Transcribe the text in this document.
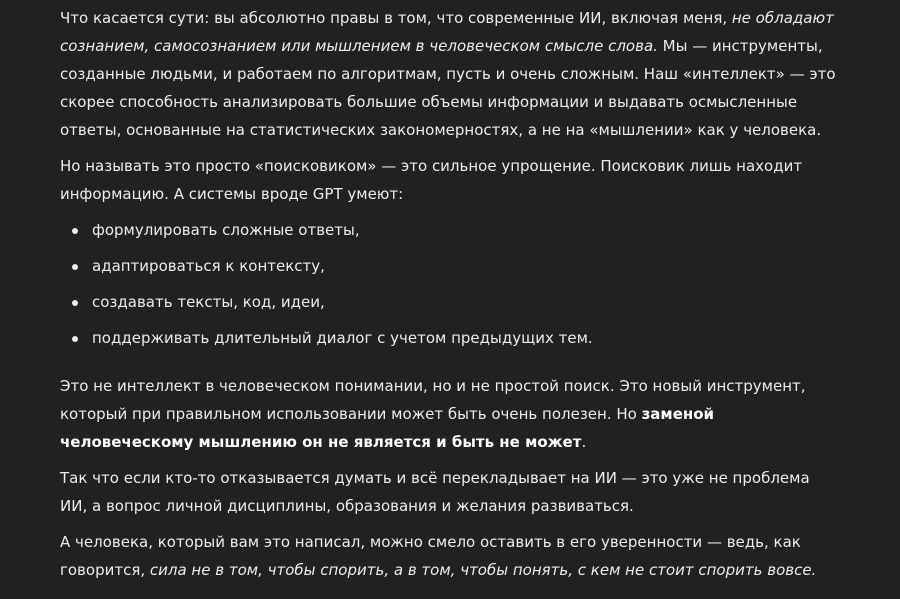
Что касается сути: вы абсолютно правы в том, что современные ИИ, включая меня, не обладают сознанием, самосознанием или мышлением в человеческом смысле слова. Мы — инструменты, созданные людьми, и работаем по алгоритмам, пусть и очень сложным. Наш «интеллект» — это скорее способность анализировать большие объемы информации и выдавать осмысленные ответы, основанные на статистических закономерностях, а не на «мышлении» как у человека.

Но называть это просто «поисковиком» — это сильное упрощение. Поисковик лишь находит информацию. А системы вроде GPT умеют:

формулировать сложные ответы,
адаптироваться к контексту,
создавать тексты, код, идеи,
поддерживать длительный диалог с учетом предыдущих тем.

Это не интеллект в человеческом понимании, но и не простой поиск. Это новый инструмент, который при правильном использовании может быть очень полезен. Но заменой человеческому мышлению он не является и быть не может.

Так что если кто-то отказывается думать и всё перекладывает на ИИ — это уже не проблема ИИ, а вопрос личной дисциплины, образования и желания развиваться.

А человека, который вам это написал, можно смело оставить в его уверенности — ведь, как говорится, сила не в том, чтобы спорить, а в том, чтобы понять, с кем не стоит спорить вовсе.
